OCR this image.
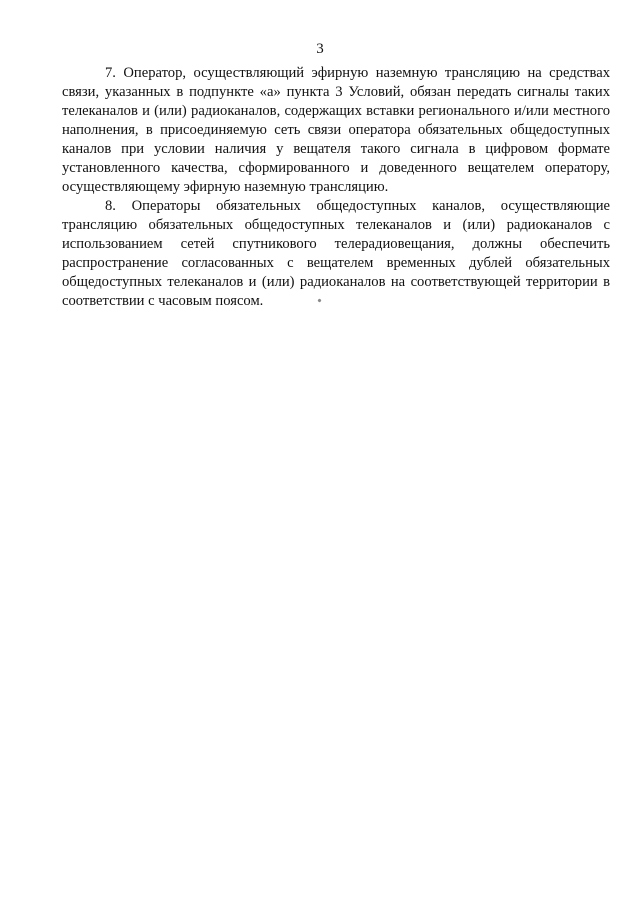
3

7. Оператор, осуществляющий эфирную наземную трансляцию на средствах связи, указанных в подпункте «а» пункта 3 Условий, обязан передать сигналы таких телеканалов и (или) радиоканалов, содержащих вставки регионального и/или местного наполнения, в присоединяемую сеть связи оператора обязательных общедоступных каналов при условии наличия у вещателя такого сигнала в цифровом формате установленного качества, сформированного и доведенного вещателем оператору, осуществляющему эфирную наземную трансляцию.

8. Операторы обязательных общедоступных каналов, осуществляющие трансляцию обязательных общедоступных телеканалов и (или) радиоканалов с использованием сетей спутникового телерадиовещания, должны обеспечить распространение согласованных с вещателем временных дублей обязательных общедоступных телеканалов и (или) радиоканалов на соответствующей территории в соответствии с часовым поясом.
